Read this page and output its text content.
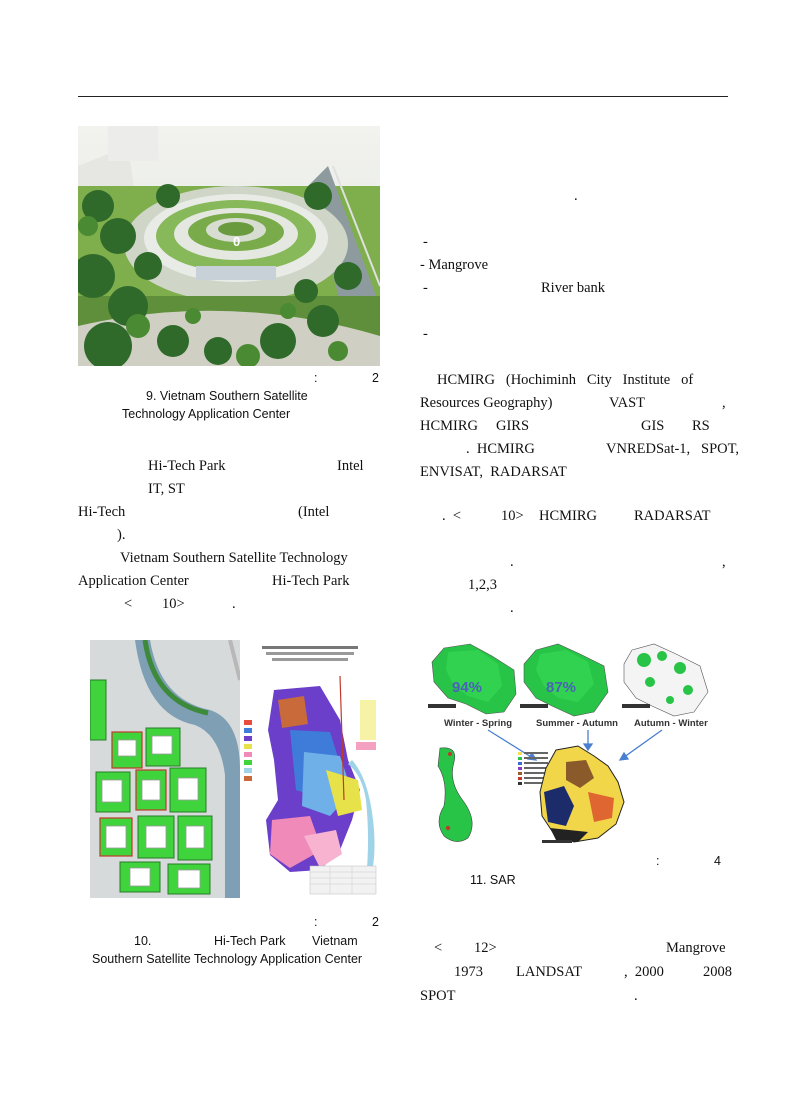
0
:	2
9. Vietnam Southern Satellite
Technology Application Center
Hi-Tech Park	Intel
IT, ST
Hi-Tech	(Intel
).
Vietnam Southern Satellite Technology
Application Center	Hi-Tech Park
< 10>	.
:	2
10.	Hi-Tech Park Vietnam
Southern Satellite Technology Application Center
.
-
- Mangrove
-	River bank
-
HCMIRG   (Hochiminh   City   Institute   of
Resources Geography)	VAST	,
HCMIRG GIRS	GIS RS
.  HCMIRG	VNREDSat-1,   SPOT,
ENVISAT,  RADARSAT
.  <	10> HCMIRG	RADARSAT
.	,
1,2,3
.
94%	87%
Winter - Spring	Summer - Autumn Autumn - Winter
:	4
11. SAR
< 12>	Mangrove
1973 LANDSAT	,  2000	2008
SPOT	.
